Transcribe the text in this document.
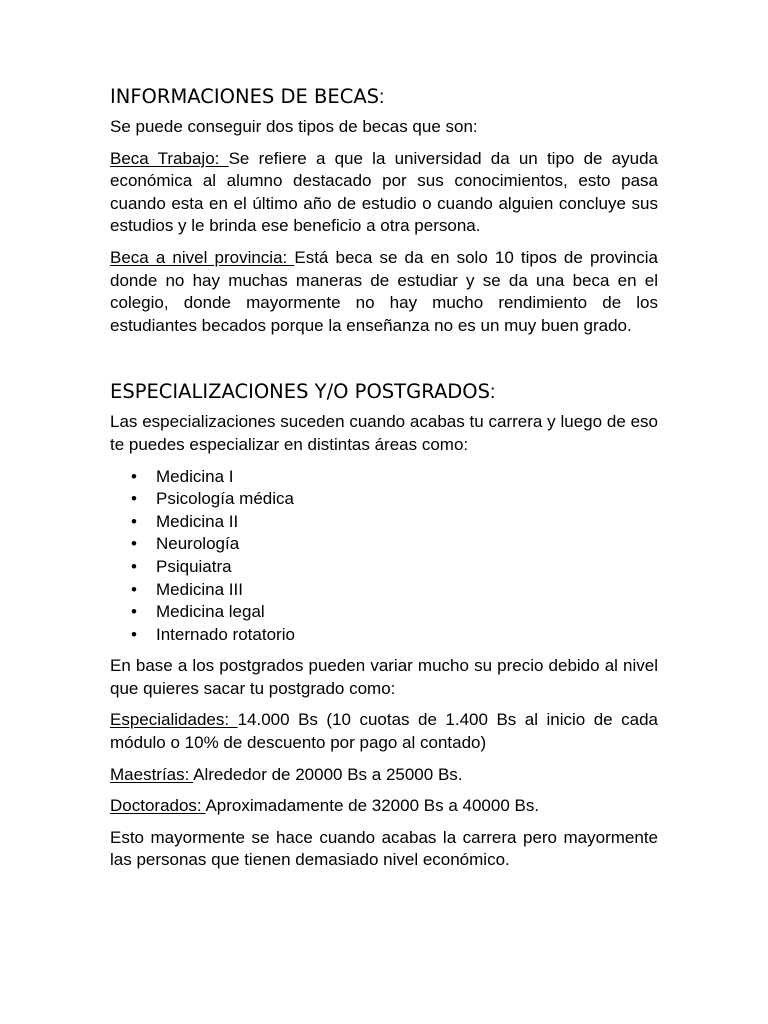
INFORMACIONES DE BECAS:

Se puede conseguir dos tipos de becas que son:

Beca Trabajo: Se refiere a que la universidad da un tipo de ayuda económica al alumno destacado por sus conocimientos, esto pasa cuando esta en el último año de estudio o cuando alguien concluye sus estudios y le brinda ese beneficio a otra persona.

Beca a nivel provincia: Está beca se da en solo 10 tipos de provincia donde no hay muchas maneras de estudiar y se da una beca en el colegio, donde mayormente no hay mucho rendimiento de los estudiantes becados porque la enseñanza no es un muy buen grado.

ESPECIALIZACIONES Y/O POSTGRADOS:

Las especializaciones suceden cuando acabas tu carrera y luego de eso te puedes especializar en distintas áreas como:

• Medicina I
• Psicología médica
• Medicina II
• Neurología
• Psiquiatra
• Medicina III
• Medicina legal
• Internado rotatorio

En base a los postgrados pueden variar mucho su precio debido al nivel que quieres sacar tu postgrado como:

Especialidades: 14.000 Bs (10 cuotas de 1.400 Bs al inicio de cada módulo o 10% de descuento por pago al contado)

Maestrías: Alrededor de 20000 Bs a 25000 Bs.

Doctorados: Aproximadamente de 32000 Bs a 40000 Bs.

Esto mayormente se hace cuando acabas la carrera pero mayormente las personas que tienen demasiado nivel económico.
